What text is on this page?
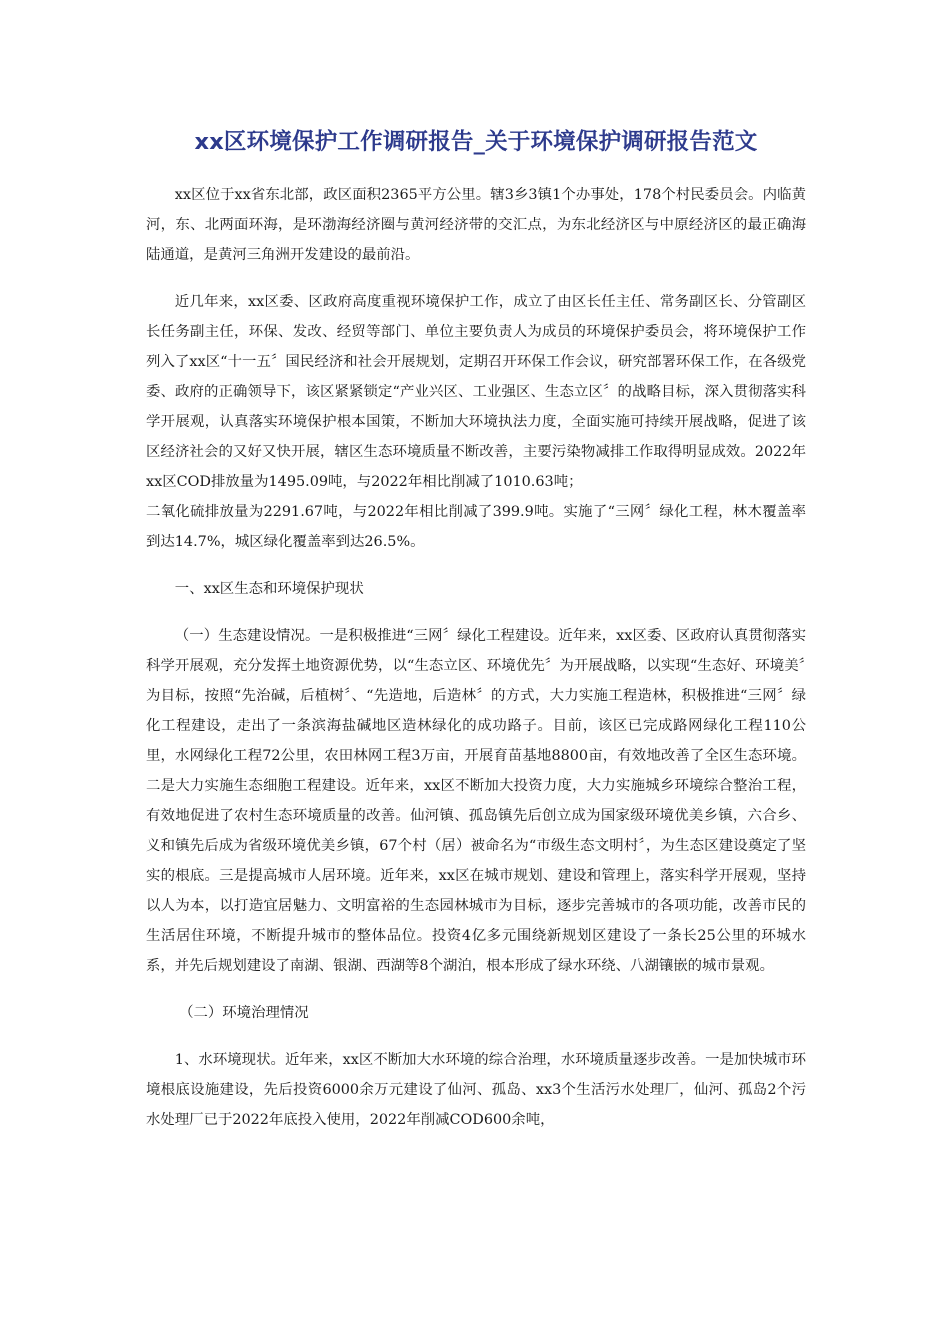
xx区环境保护工作调研报告_关于环境保护调研报告范文

xx区位于xx省东北部，政区面积2365平方公里。辖3乡3镇1个办事处，178个村民委员会。内临黄河，东、北两面环海，是环渤海经济圈与黄河经济带的交汇点，为东北经济区与中原经济区的最正确海陆通道，是黄河三角洲开发建设的最前沿。

近几年来，xx区委、区政府高度重视环境保护工作，成立了由区长任主任、常务副区长、分管副区长任务副主任，环保、发改、经贸等部门、单位主要负责人为成员的环境保护委员会，将环境保护工作列入了xx区“十一五〞国民经济和社会开展规划，定期召开环保工作会议，研究部署环保工作，在各级党委、政府的正确领导下，该区紧紧锁定“产业兴区、工业强区、生态立区〞的战略目标，深入贯彻落实科学开展观，认真落实环境保护根本国策，不断加大环境执法力度，全面实施可持续开展战略，促进了该区经济社会的又好又快开展，辖区生态环境质量不断改善，主要污染物减排工作取得明显成效。2022年xx区COD排放量为1495.09吨，与2022年相比削减了1010.63吨；

二氧化硫排放量为2291.67吨，与2022年相比削减了399.9吨。实施了“三网〞绿化工程，林木覆盖率到达14.7%，城区绿化覆盖率到达26.5%。

一、xx区生态和环境保护现状

（一）生态建设情况。一是积极推进“三网〞绿化工程建设。近年来，xx区委、区政府认真贯彻落实科学开展观，充分发挥土地资源优势，以“生态立区、环境优先〞为开展战略，以实现“生态好、环境美〞为目标，按照“先治碱，后植树〞、“先造地，后造林〞的方式，大力实施工程造林，积极推进“三网〞绿化工程建设，走出了一条滨海盐碱地区造林绿化的成功路子。目前，该区已完成路网绿化工程110公里，水网绿化工程72公里，农田林网工程3万亩，开展育苗基地8800亩，有效地改善了全区生态环境。二是大力实施生态细胞工程建设。近年来，xx区不断加大投资力度，大力实施城乡环境综合整治工程，有效地促进了农村生态环境质量的改善。仙河镇、孤岛镇先后创立成为国家级环境优美乡镇，六合乡、义和镇先后成为省级环境优美乡镇，67个村（居）被命名为“市级生态文明村〞，为生态区建设奠定了坚实的根底。三是提高城市人居环境。近年来，xx区在城市规划、建设和管理上，落实科学开展观，坚持以人为本，以打造宜居魅力、文明富裕的生态园林城市为目标，逐步完善城市的各项功能，改善市民的生活居住环境，不断提升城市的整体品位。投资4亿多元围绕新规划区建设了一条长25公里的环城水系，并先后规划建设了南湖、银湖、西湖等8个湖泊，根本形成了绿水环绕、八湖镶嵌的城市景观。

（二）环境治理情况

1、水环境现状。近年来，xx区不断加大水环境的综合治理，水环境质量逐步改善。一是加快城市环境根底设施建设，先后投资6000余万元建设了仙河、孤岛、xx3个生活污水处理厂，仙河、孤岛2个污水处理厂已于2022年底投入使用，2022年削减COD600余吨，
